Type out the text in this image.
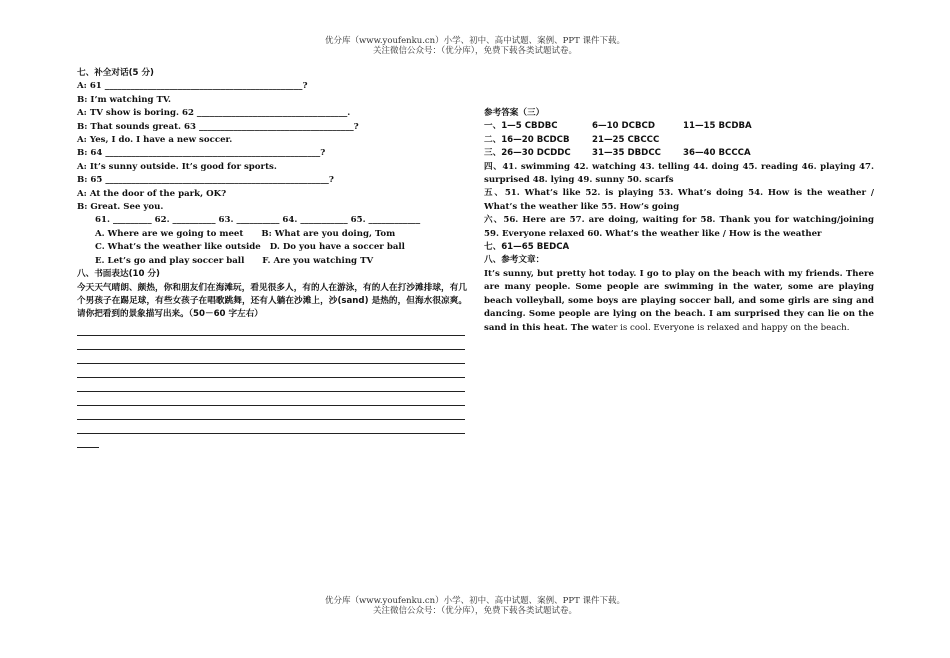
优分库（www.youfenku.cn）小学、初中、高中试题、案例、PPT 课件下载。
关注微信公众号：（优分库），免费下载各类试题试卷。
七、补全对话(5 分)
A: 61 ______________________________________________?
B: I’m watching TV.
A: TV show is boring. 62 ___________________________________.
B: That sounds great. 63 ____________________________________?
A: Yes, I do. I have a new soccer.
B: 64 __________________________________________________?
A: It’s sunny outside. It’s good for sports.
B: 65 ____________________________________________________?
A: At the door of the park, OK?
B: Great. See you.
61. _________ 62. __________ 63. __________ 64. ___________ 65. ____________
A. Where are we going to meet      B: What are you doing, Tom
C. What’s the weather like outside   D. Do you have a soccer ball
E. Let’s go and play soccer ball      F. Are you watching TV
八、书面表达(10 分)
今天天气晴朗、颇热，你和朋友们在海滩玩，看见很多人，有的人在游泳，有的人在打沙滩排球，有几个男孩子在踢足球，有些女孩子在唱歌跳舞，还有人躺在沙滩上，沙(sand) 是热的，但海水很凉爽。请你把看到的景象描写出来。（50－60 字左右）
参考答案（三）
一、1—5 CBDBC	6—10 DCBCD	11—15 BCDBA
二、16—20 BCDCB	21—25 CBCCC
三、26—30 DCDDC	31—35 DBDCC	36—40 BCCCA
四、41. swimming 42. watching 43. telling 44. doing 45. reading 46. playing 47. surprised 48. lying 49. sunny 50. scarfs
五、51. What’s like 52. is playing 53. What’s doing 54. How is the weather / What’s the weather like 55. How’s going
六、56. Here are 57. are doing, waiting for 58. Thank you for watching/joining 59. Everyone relaxed 60. What’s the weather like / How is the weather
七、61—65 BEDCA
八、参考文章：
It’s sunny, but pretty hot today. I go to play on the beach with my friends. There are many people. Some people are swimming in the water, some are playing beach volleyball, some boys are playing soccer ball, and some girls are sing and dancing. Some people are lying on the beach. I am surprised they can lie on the sand in this heat. The water is cool. Everyone is relaxed and happy on the beach.
优分库（www.youfenku.cn）小学、初中、高中试题、案例、PPT 课件下载。
关注微信公众号：（优分库），免费下载各类试题试卷。
